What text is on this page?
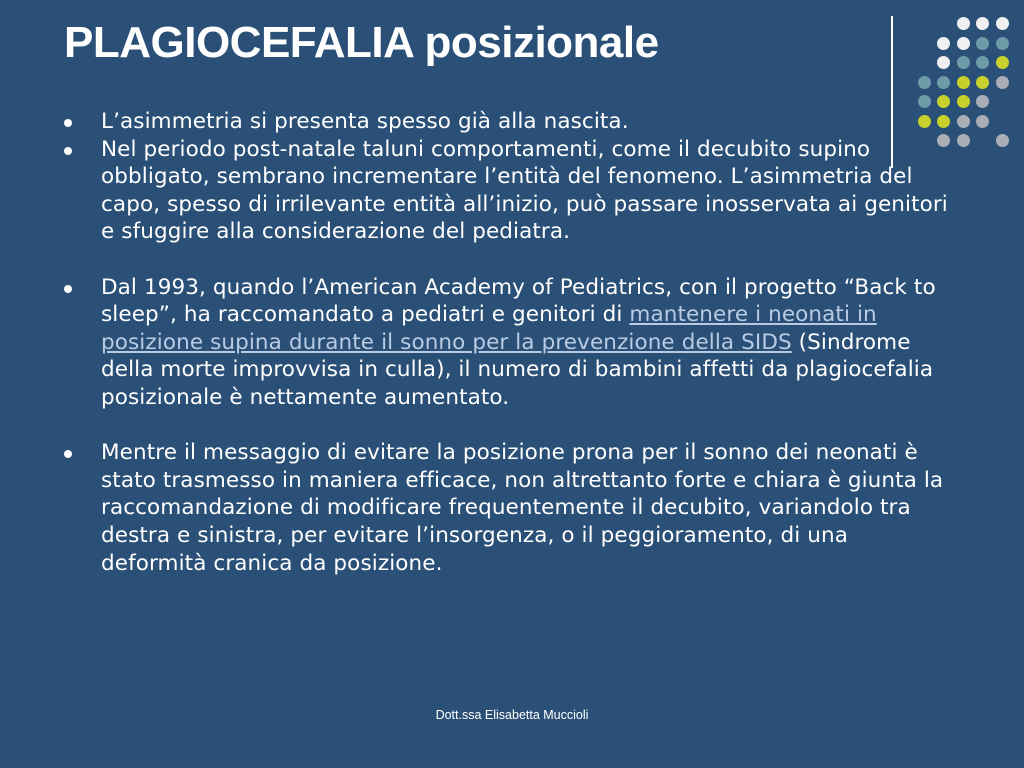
PLAGIOCEFALIA posizionale
L’asimmetria si presenta spesso già alla nascita.
Nel periodo post-natale taluni comportamenti, come il decubito supino obbligato, sembrano incrementare l’entità del fenomeno. L’asimmetria del capo, spesso di irrilevante entità all’inizio, può passare inosservata ai genitori e sfuggire alla considerazione del pediatra.
Dal 1993, quando l’American Academy of Pediatrics, con il progetto “Back to sleep”, ha raccomandato a pediatri e genitori di mantenere i neonati in posizione supina durante il sonno per la prevenzione della SIDS (Sindrome della morte improvvisa in culla), il numero di bambini affetti da plagiocefalia posizionale è nettamente aumentato.
Mentre il messaggio di evitare la posizione prona per il sonno dei neonati è stato trasmesso in maniera efficace, non altrettanto forte e chiara è giunta la raccomandazione di modificare frequentemente il decubito, variandolo tra destra e sinistra, per evitare l’insorgenza, o il peggioramento, di una deformità cranica da posizione.
Dott.ssa Elisabetta Muccioli
